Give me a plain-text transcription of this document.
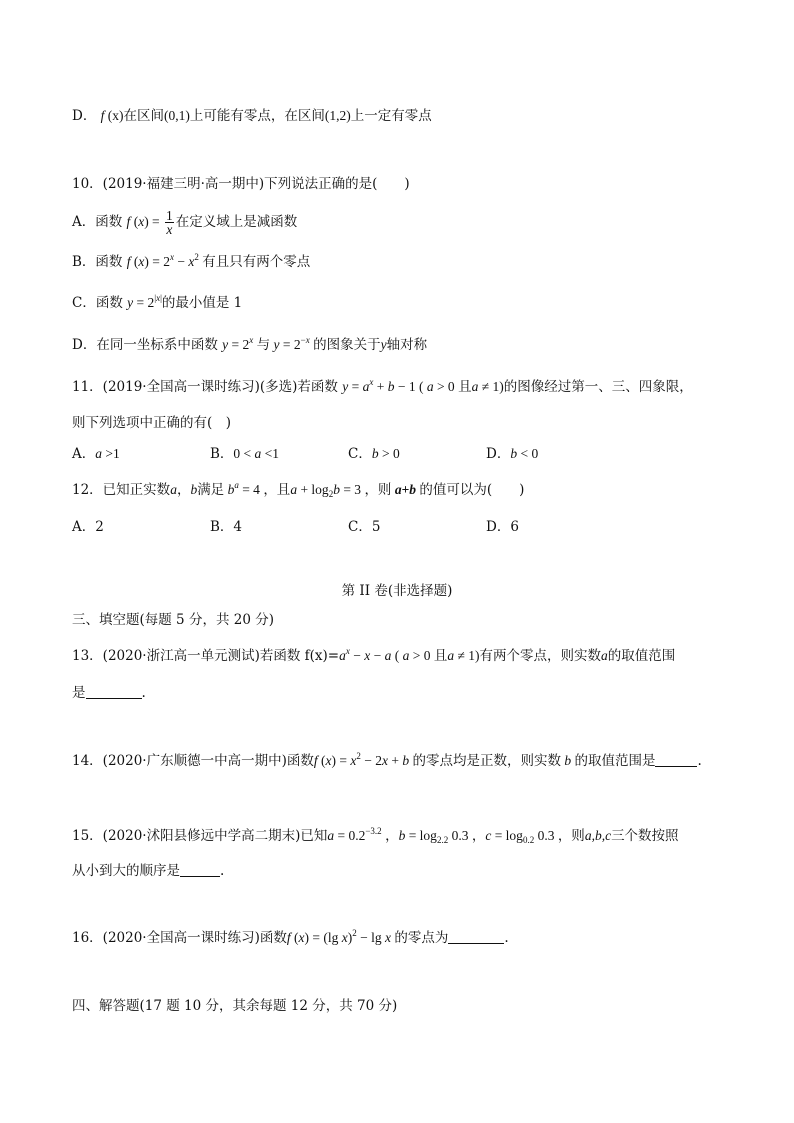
D． f (x)在区间(0,1)上可能有零点，在区间(1,2)上一定有零点
10．(2019·福建三明·高一期中)下列说法正确的是(　　)
A．函数 f $(x) = \frac{1}{x}$ 在定义域上是减函数
B．函数 f $(x) = 2^x - x^2$ 有且只有两个零点
C．函数 $y = 2^{|x|}$的最小值是 1
D．在同一坐标系中函数 $y = 2^x$ 与 $y = 2^{-x}$ 的图象关于y轴对称
11．(2019·全国高一课时练习)(多选)若函数 $y = a^x + b - 1$ ( a > 0 且a ≠ 1)的图像经过第一、三、四象限，
则下列选项中正确的有(　)
A．a >1	B．0 < a <1	C．b > 0	D．b < 0
12．已知正实数a，b满足 $b^a = 4$ ，且$a + \log_2b = 3$ ，则 a+b 的值可以为(　　)
A．2	B．4	C．5	D．6
第 II 卷(非选择题)
三、填空题(每题 5 分，共 20 分)
13．(2020·浙江高一单元测试)若函数 $f(x)=a^x - x - a$ ( a > 0 且a ≠ 1)有两个零点，则实数a的取值范围
是	.
14．(2020·广东顺德一中高一期中)函数f $(x) = x^2 - 2x + b$ 的零点均是正数，则实数 b 的取值范围是	.
15．(2020·沭阳县修远中学高二期末)已知$a = 0.2^{-3.2}$ ，$b = \log_{2.2} 0.3$ ，$c = \log_{0.2} 0.3$ ，则a,b,c三个数按照
从小到大的顺序是	.
16．(2020·全国高一课时练习)函数f (x) = (lg x)$^2$ − lg x 的零点为	.
四、解答题(17 题 10 分，其余每题 12 分，共 70 分)
